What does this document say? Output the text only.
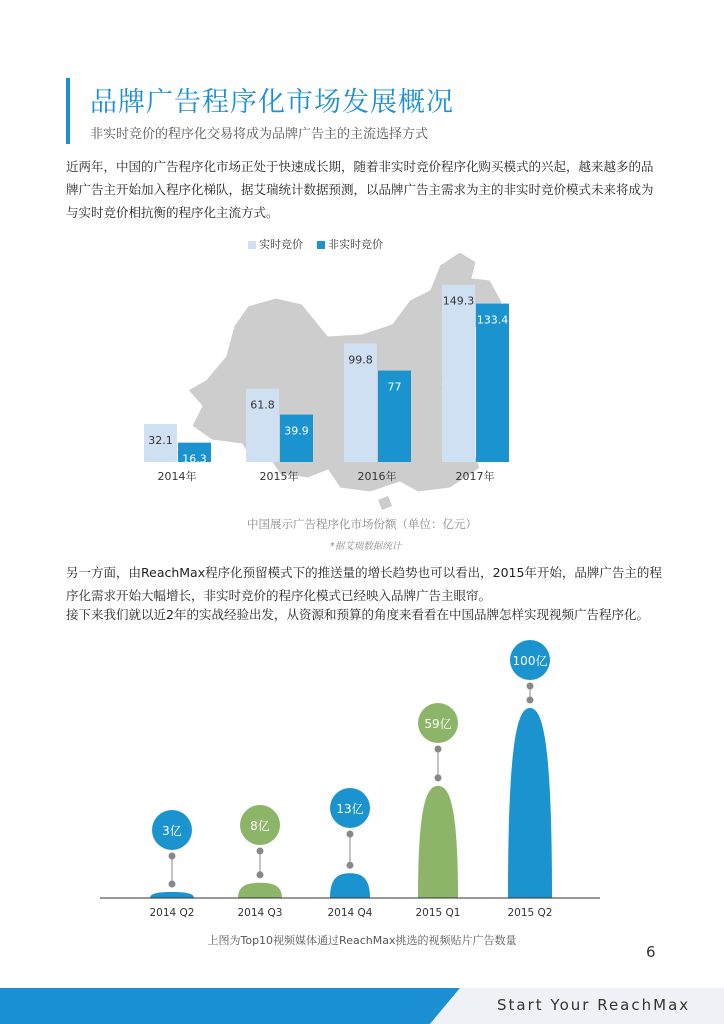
品牌广告程序化市场发展概况
非实时竞价的程序化交易将成为品牌广告主的主流选择方式
近两年，中国的广告程序化市场正处于快速成长期，随着非实时竞价程序化购买模式的兴起，越来越多的品牌广告主开始加入程序化梯队，据艾瑞统计数据预测，以品牌广告主需求为主的非实时竞价模式未来将成为与实时竞价相抗衡的程序化主流方式。
实时竞价 非实时竞价
32.1
61.8
99.8
149.3
16.3
39.9
77
133.4
2014年	2015年	2016年	2017年
中国展示广告程序化市场份额（单位：亿元）
*据艾瑞数据统计
另一方面，由ReachMax程序化预留模式下的推送量的增长趋势也可以看出，2015年开始，品牌广告主的程序化需求开始大幅增长，非实时竞价的程序化模式已经映入品牌广告主眼帘。
接下来我们就以近2年的实战经验出发，从资源和预算的角度来看看在中国品牌怎样实现视频广告程序化。
3亿	8亿
13亿
59亿
100亿
2014 Q2	2014 Q3	2014 Q4	2015 Q1	2015 Q2
上图为Top10视频媒体通过ReachMax挑选的视频贴片广告数量
6
Start Your ReachMax
